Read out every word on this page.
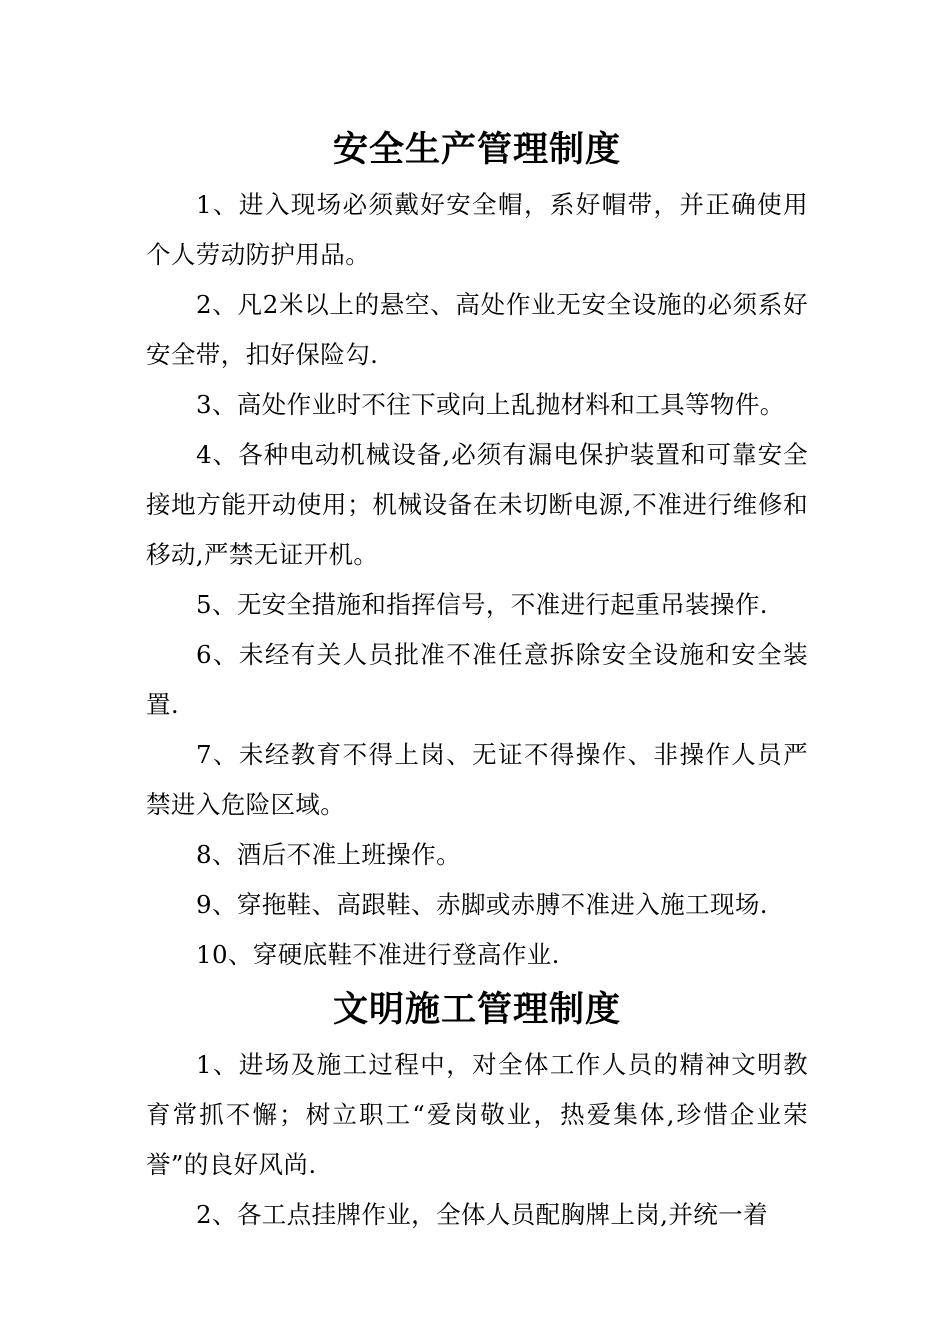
安全生产管理制度

1、进入现场必须戴好安全帽，系好帽带，并正确使用个人劳动防护用品。

2、凡2米以上的悬空、高处作业无安全设施的必须系好安全带，扣好保险勾.

3、高处作业时不往下或向上乱抛材料和工具等物件。

4、各种电动机械设备,必须有漏电保护装置和可靠安全接地方能开动使用；机械设备在未切断电源,不准进行维修和移动,严禁无证开机。

5、无安全措施和指挥信号，不准进行起重吊装操作.

6、未经有关人员批准不准任意拆除安全设施和安全装置.

7、未经教育不得上岗、无证不得操作、非操作人员严禁进入危险区域。

8、酒后不准上班操作。

9、穿拖鞋、高跟鞋、赤脚或赤膊不准进入施工现场.

10、穿硬底鞋不准进行登高作业.

文明施工管理制度

1、进场及施工过程中，对全体工作人员的精神文明教育常抓不懈；树立职工“爱岗敬业，热爱集体,珍惜企业荣誉”的良好风尚.

2、各工点挂牌作业，全体人员配胸牌上岗,并统一着
